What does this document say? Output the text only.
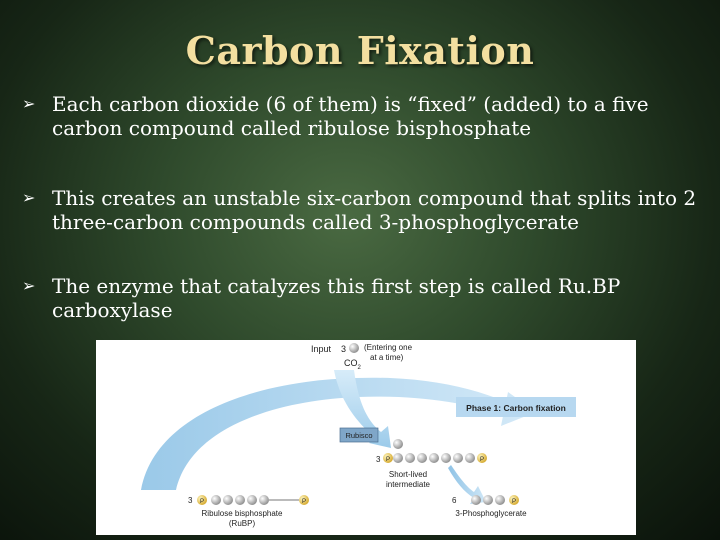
Carbon Fixation
➢ Each carbon dioxide (6 of them) is “fixed” (added) to a five carbon compound called ribulose bisphosphate
➢ This creates an unstable six-carbon compound that splits into 2 three-carbon compounds called 3-phosphoglycerate
➢ The enzyme that catalyzes this first step is called Ru.BP carboxylase
Input 3 (Entering one
at a time)
$CO_2$
Phase 1: Carbon fixation
Rubisco
3 P	P
Short-lived
intermediate
3 P	P
Ribulose bisphosphate
(RuBP)
6	P
3-Phosphoglycerate
